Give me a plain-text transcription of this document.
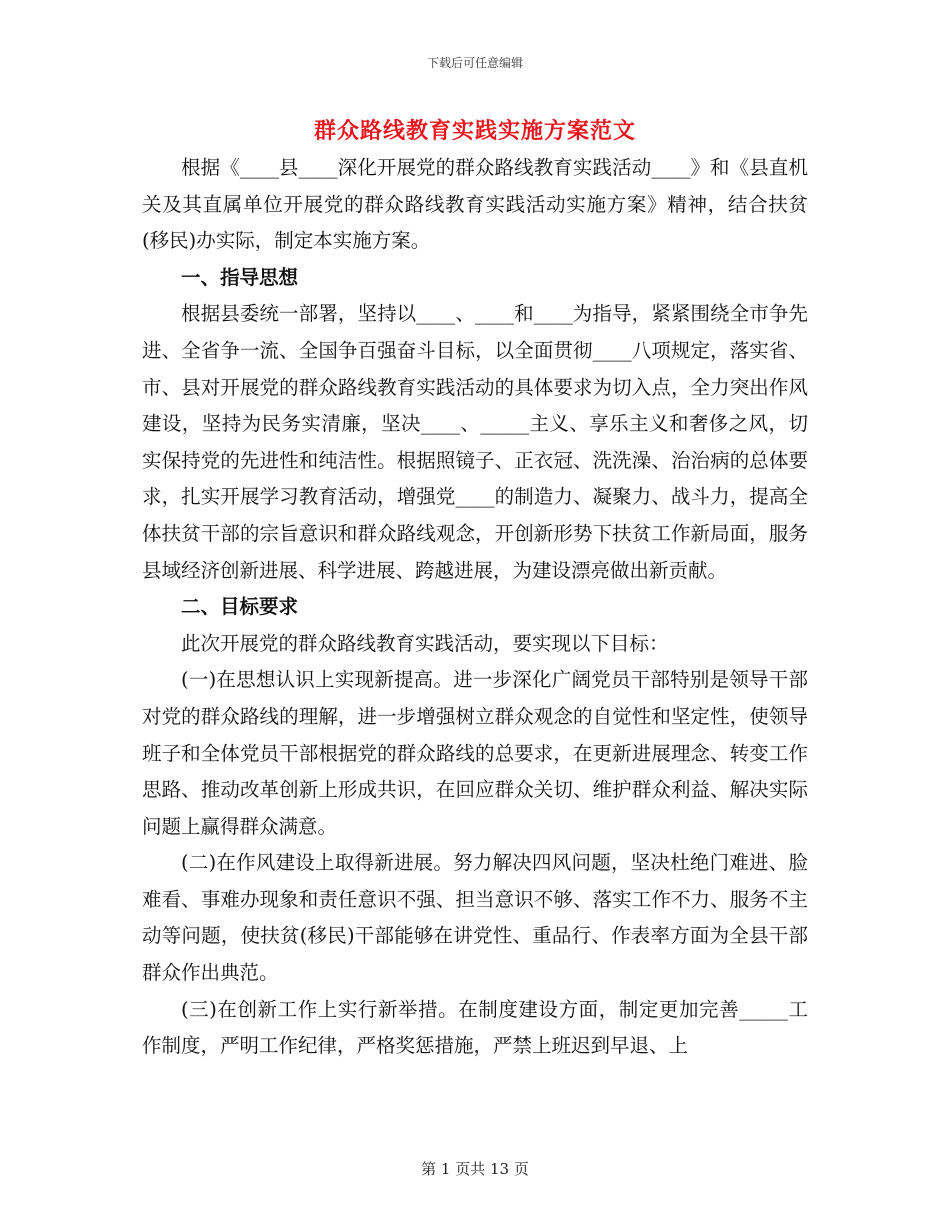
下载后可任意编辑
群众路线教育实践实施方案范文

根据《____县____深化开展党的群众路线教育实践活动____》和《县直机关及其直属单位开展党的群众路线教育实践活动实施方案》精神，结合扶贫(移民)办实际，制定本实施方案。

一、指导思想

根据县委统一部署，坚持以____、____和____为指导，紧紧围绕全市争先进、全省争一流、全国争百强奋斗目标，以全面贯彻____八项规定，落实省、市、县对开展党的群众路线教育实践活动的具体要求为切入点，全力突出作风建设，坚持为民务实清廉，坚决____、_____主义、享乐主义和奢侈之风，切实保持党的先进性和纯洁性。根据照镜子、正衣冠、洗洗澡、治治病的总体要求，扎实开展学习教育活动，增强党____的制造力、凝聚力、战斗力，提高全体扶贫干部的宗旨意识和群众路线观念，开创新形势下扶贫工作新局面，服务县域经济创新进展、科学进展、跨越进展，为建设漂亮做出新贡献。

二、目标要求

此次开展党的群众路线教育实践活动，要实现以下目标：

(一)在思想认识上实现新提高。进一步深化广阔党员干部特别是领导干部对党的群众路线的理解，进一步增强树立群众观念的自觉性和坚定性，使领导班子和全体党员干部根据党的群众路线的总要求，在更新进展理念、转变工作思路、推动改革创新上形成共识，在回应群众关切、维护群众利益、解决实际问题上赢得群众满意。

(二)在作风建设上取得新进展。努力解决四风问题，坚决杜绝门难进、脸难看、事难办现象和责任意识不强、担当意识不够、落实工作不力、服务不主动等问题，使扶贫(移民)干部能够在讲党性、重品行、作表率方面为全县干部群众作出典范。

(三)在创新工作上实行新举措。在制度建设方面，制定更加完善_____工作制度，严明工作纪律，严格奖惩措施，严禁上班迟到早退、上

第 1 页共 13 页
